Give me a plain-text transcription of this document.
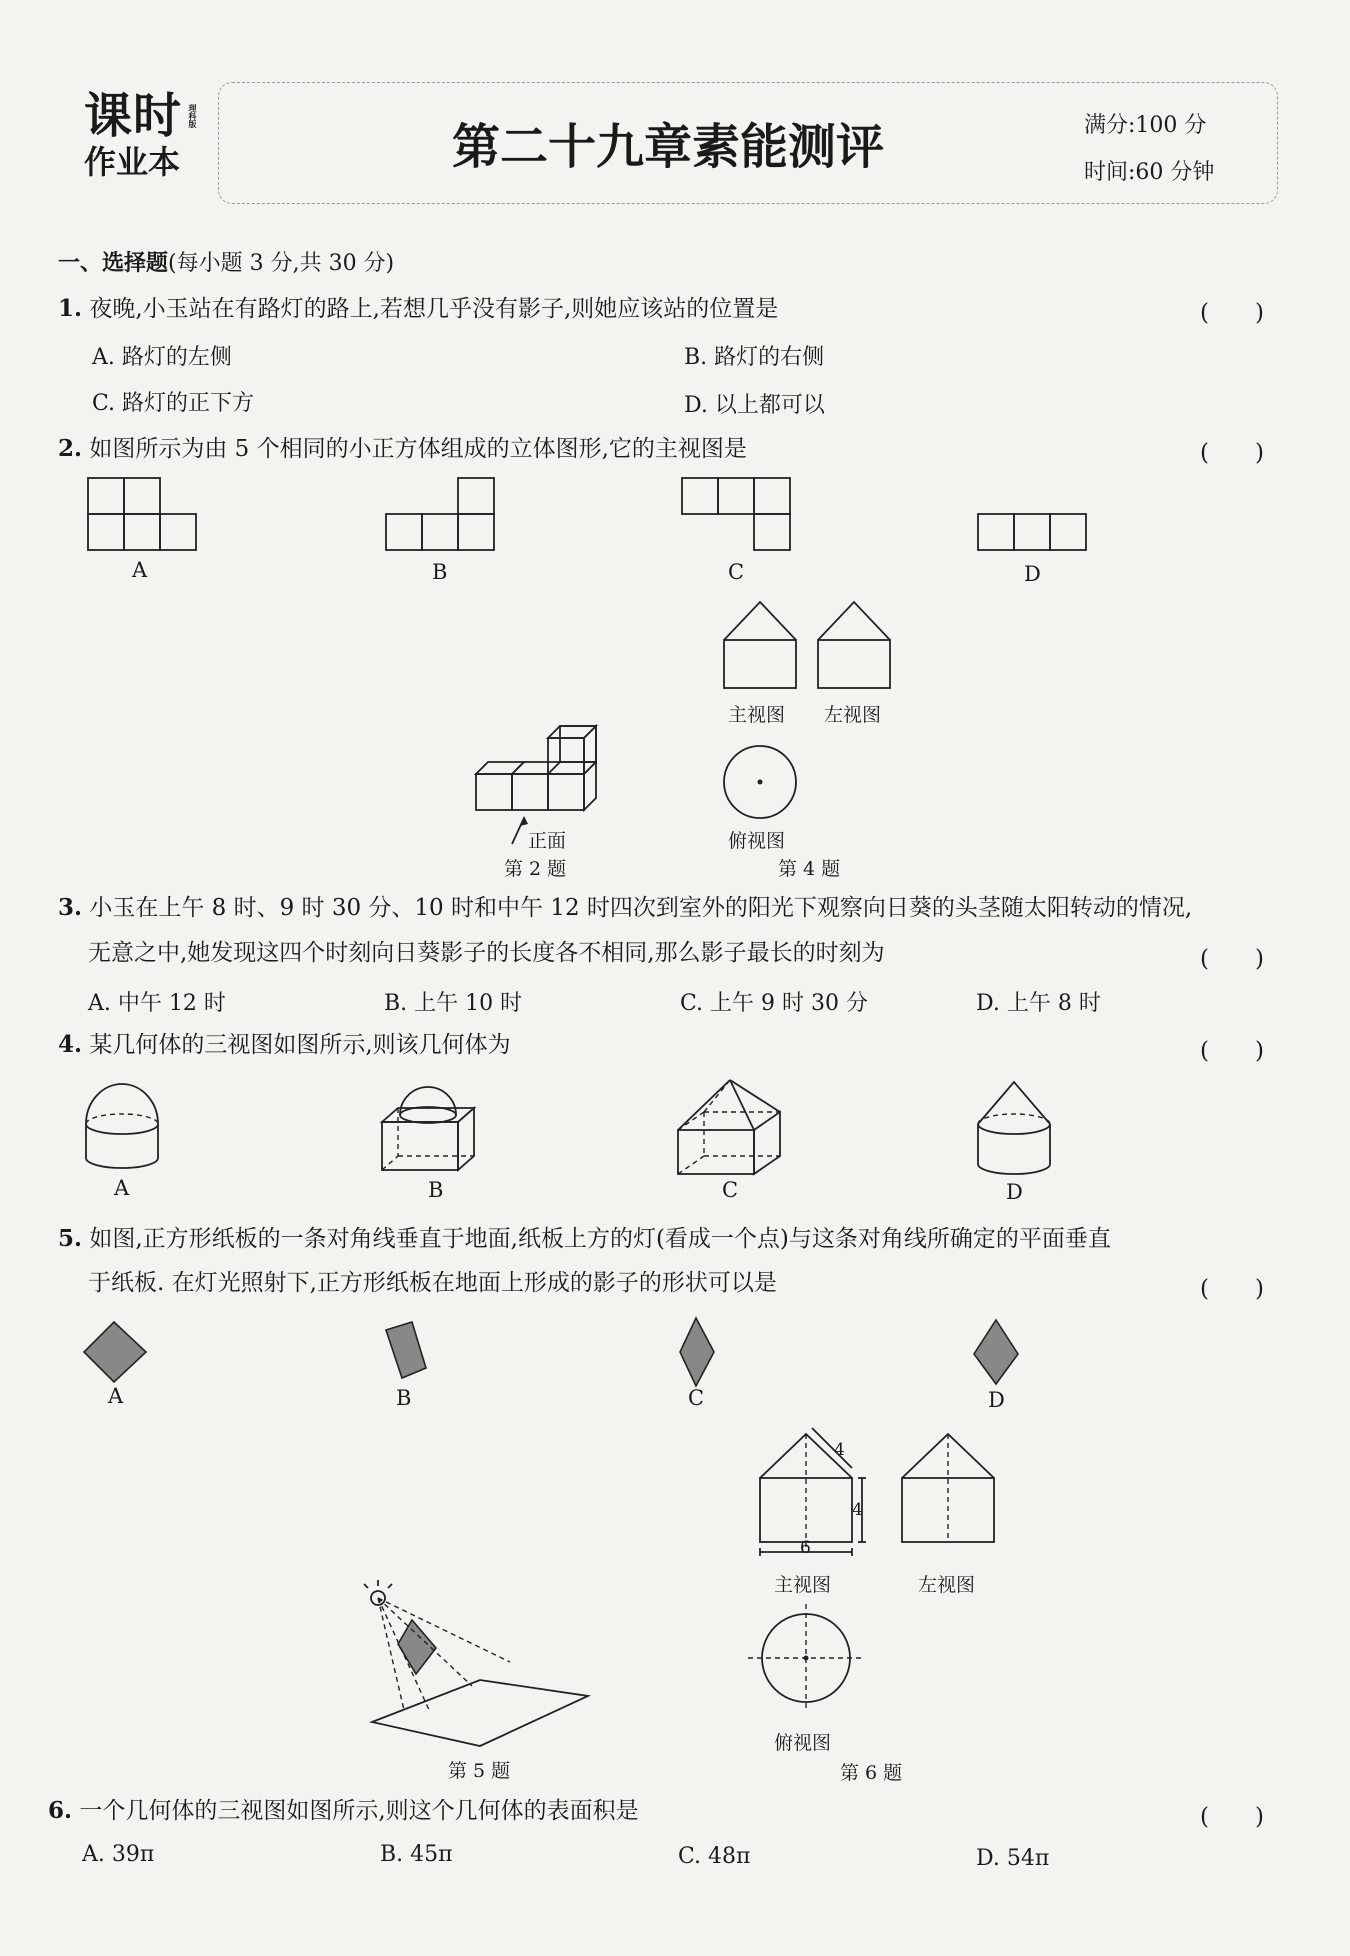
课时
作业本
理科版
第二十九章素能测评	满分:100 分
时间:60 分钟
一、选择题(每小题 3 分,共 30 分)
1. 夜晚,小玉站在有路灯的路上,若想几乎没有影子,则她应该站的位置是	(　　)
A. 路灯的左侧	B. 路灯的右侧
C. 路灯的正下方	D. 以上都可以
2. 如图所示为由 5 个相同的小正方体组成的立体图形,它的主视图是	(　　)
A	B	C	D
主视图 左视图
俯视图
第 4 题
正面
第 2 题
3. 小玉在上午 8 时、9 时 30 分、10 时和中午 12 时四次到室外的阳光下观察向日葵的头茎随太阳转动的情况,
无意之中,她发现这四个时刻向日葵影子的长度各不相同,那么影子最长的时刻为	(　　)
A. 中午 12 时	B. 上午 10 时	C. 上午 9 时 30 分	D. 上午 8 时
4. 某几何体的三视图如图所示,则该几何体为	(　　)
A	B	C	D
5. 如图,正方形纸板的一条对角线垂直于地面,纸板上方的灯(看成一个点)与这条对角线所确定的平面垂直
于纸板. 在灯光照射下,正方形纸板在地面上形成的影子的形状可以是	(　　)
A	B	C	D
4
4
6
主视图	左视图
俯视图
第 6 题
第 5 题
6. 一个几何体的三视图如图所示,则这个几何体的表面积是	(　　)
A. 39π	B. 45π	C. 48π	D. 54π
